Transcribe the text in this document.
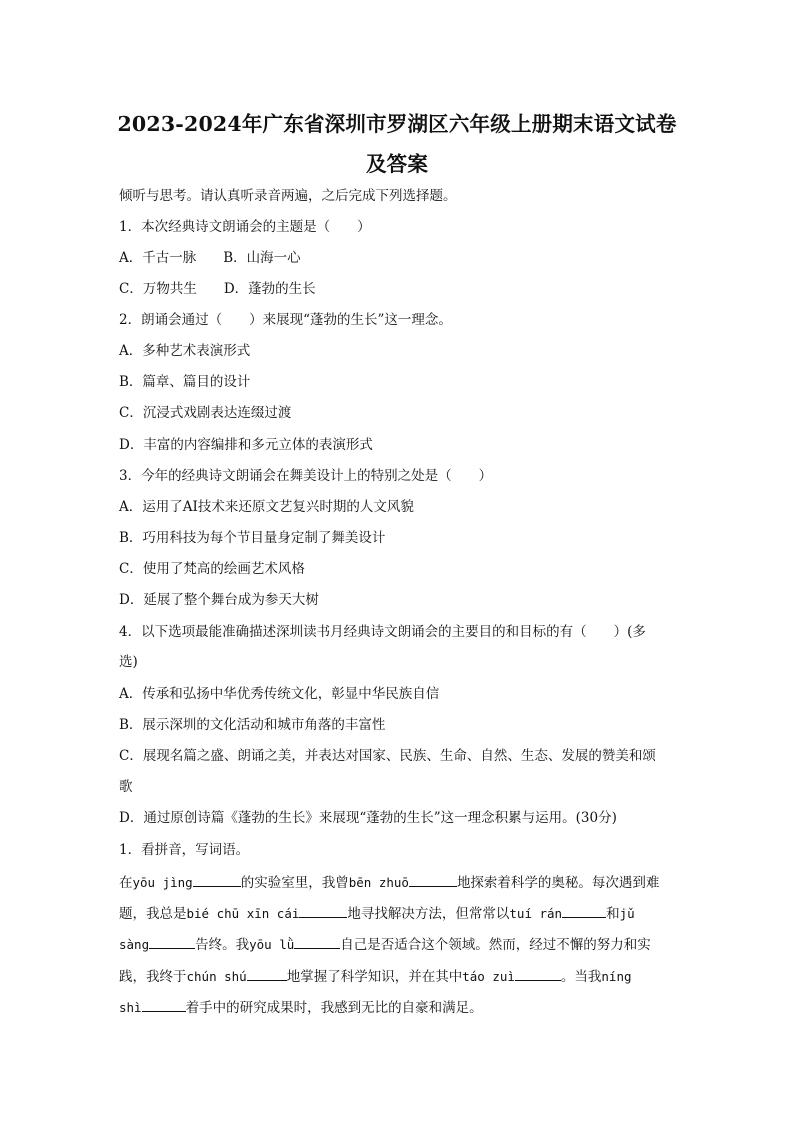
2023-2024年广东省深圳市罗湖区六年级上册期末语文试卷
及答案

倾听与思考。请认真听录音两遍，之后完成下列选择题。

1．本次经典诗文朗诵会的主题是（　　）

A．千古一脉　　B．山海一心

C．万物共生　　D．蓬勃的生长

2．朗诵会通过（　　）来展现“蓬勃的生长”这一理念。

A．多种艺术表演形式

B．篇章、篇目的设计

C．沉浸式戏剧表达连缀过渡

D．丰富的内容编排和多元立体的表演形式

3．今年的经典诗文朗诵会在舞美设计上的特别之处是（　　）

A．运用了AI技术来还原文艺复兴时期的人文风貌

B．巧用科技为每个节目量身定制了舞美设计

C．使用了梵高的绘画艺术风格

D．延展了整个舞台成为参天大树

4．以下选项最能准确描述深圳读书月经典诗文朗诵会的主要目的和目标的有（　　）(多

选)

A．传承和弘扬中华优秀传统文化，彰显中华民族自信

B．展示深圳的文化活动和城市角落的丰富性

C．展现名篇之盛、朗诵之美，并表达对国家、民族、生命、自然、生态、发展的赞美和颂

歌

D．通过原创诗篇《蓬勃的生长》来展现“蓬勃的生长”这一理念积累与运用。(30分)

1．看拼音，写词语。

在yōu jìng	的实验室里，我曾bēn zhuō	地探索着科学的奥秘。每次遇到难

题，我总是bié chū xīn cái	地寻找解决方法，但常常以tuí rán	和jǔ

sàng	告终。我yōu lǜ	自己是否适合这个领域。然而，经过不懈的努力和实

践，我终于chún shú	地掌握了科学知识，并在其中táo zuì	。当我níng

shì	着手中的研究成果时，我感到无比的自豪和满足。
